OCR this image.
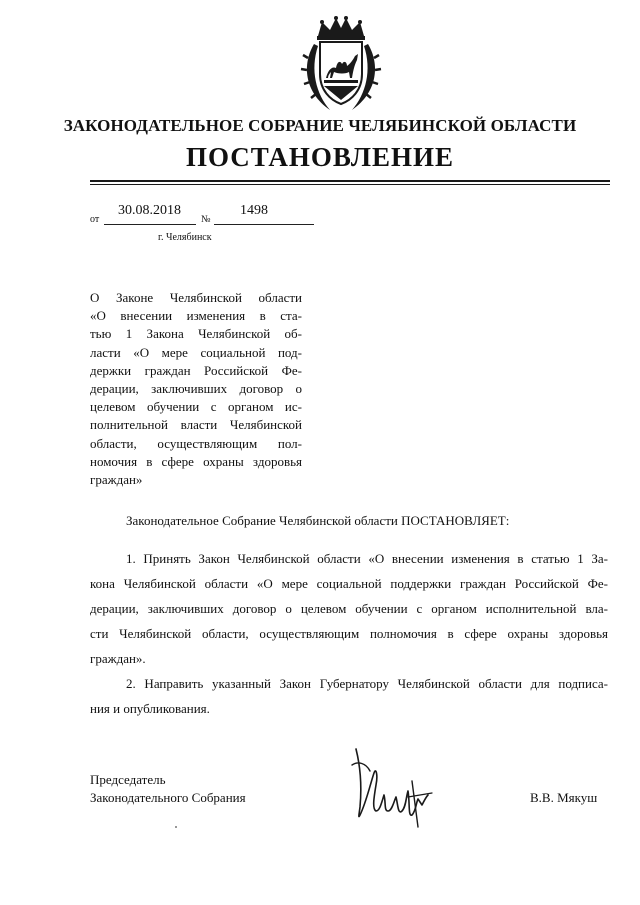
ЗАКОНОДАТЕЛЬНОЕ СОБРАНИЕ ЧЕЛЯБИНСКОЙ ОБЛАСТИ
ПОСТАНОВЛЕНИЕ
от
30.08.2018
№
1498
г. Челябинск
О Законе Челябинской области
«О внесении изменения в ста-
тью 1 Закона Челябинской об-
ласти «О мере социальной под-
держки граждан Российской Фе-
дерации, заключивших договор о
целевом обучении с органом ис-
полнительной власти Челябинской
области, осуществляющим пол-
номочия в сфере охраны здоровья
граждан»
Законодательное Собрание Челябинской области ПОСТАНОВЛЯЕТ:
1. Принять Закон Челябинской области «О внесении изменения в статью 1 За-
кона Челябинской области «О мере социальной поддержки граждан Российской Фе-
дерации, заключивших договор о целевом обучении с органом исполнительной вла-
сти Челябинской области, осуществляющим полномочия в сфере охраны здоровья
граждан».
2. Направить указанный Закон Губернатору Челябинской области для подписа-
ния и опубликования.
Председатель
Законодательного Собрания	В.В. Мякуш
